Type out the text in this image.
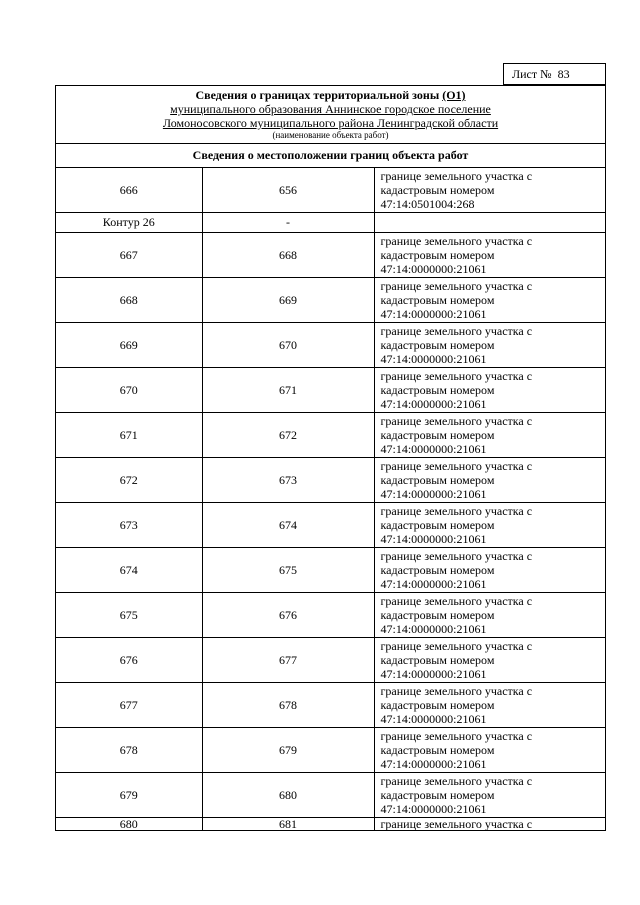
Лист № 83
Сведения о границах территориальной зоны (О1)
муниципального образования Аннинское городское поселение
Ломоносовского муниципального района Ленинградской области
(наименование объекта работ)
Сведения о местоположении границ объекта работ
666	656	границе земельного участка с
кадастровым номером
47:14:0501004:268

Контур 26	-	
667	668	границе земельного участка с
кадастровым номером
47:14:0000000:21061

668	669	границе земельного участка с
кадастровым номером
47:14:0000000:21061

669	670	границе земельного участка с
кадастровым номером
47:14:0000000:21061

670	671	границе земельного участка с
кадастровым номером
47:14:0000000:21061

671	672	границе земельного участка с
кадастровым номером
47:14:0000000:21061

672	673	границе земельного участка с
кадастровым номером
47:14:0000000:21061

673	674	границе земельного участка с
кадастровым номером
47:14:0000000:21061

674	675	границе земельного участка с
кадастровым номером
47:14:0000000:21061

675	676	границе земельного участка с
кадастровым номером
47:14:0000000:21061

676	677	границе земельного участка с
кадастровым номером
47:14:0000000:21061

677	678	границе земельного участка с
кадастровым номером
47:14:0000000:21061

678	679	границе земельного участка с
кадастровым номером
47:14:0000000:21061

679	680	границе земельного участка с
кадастровым номером
47:14:0000000:21061

680	681	границе земельного участка с
